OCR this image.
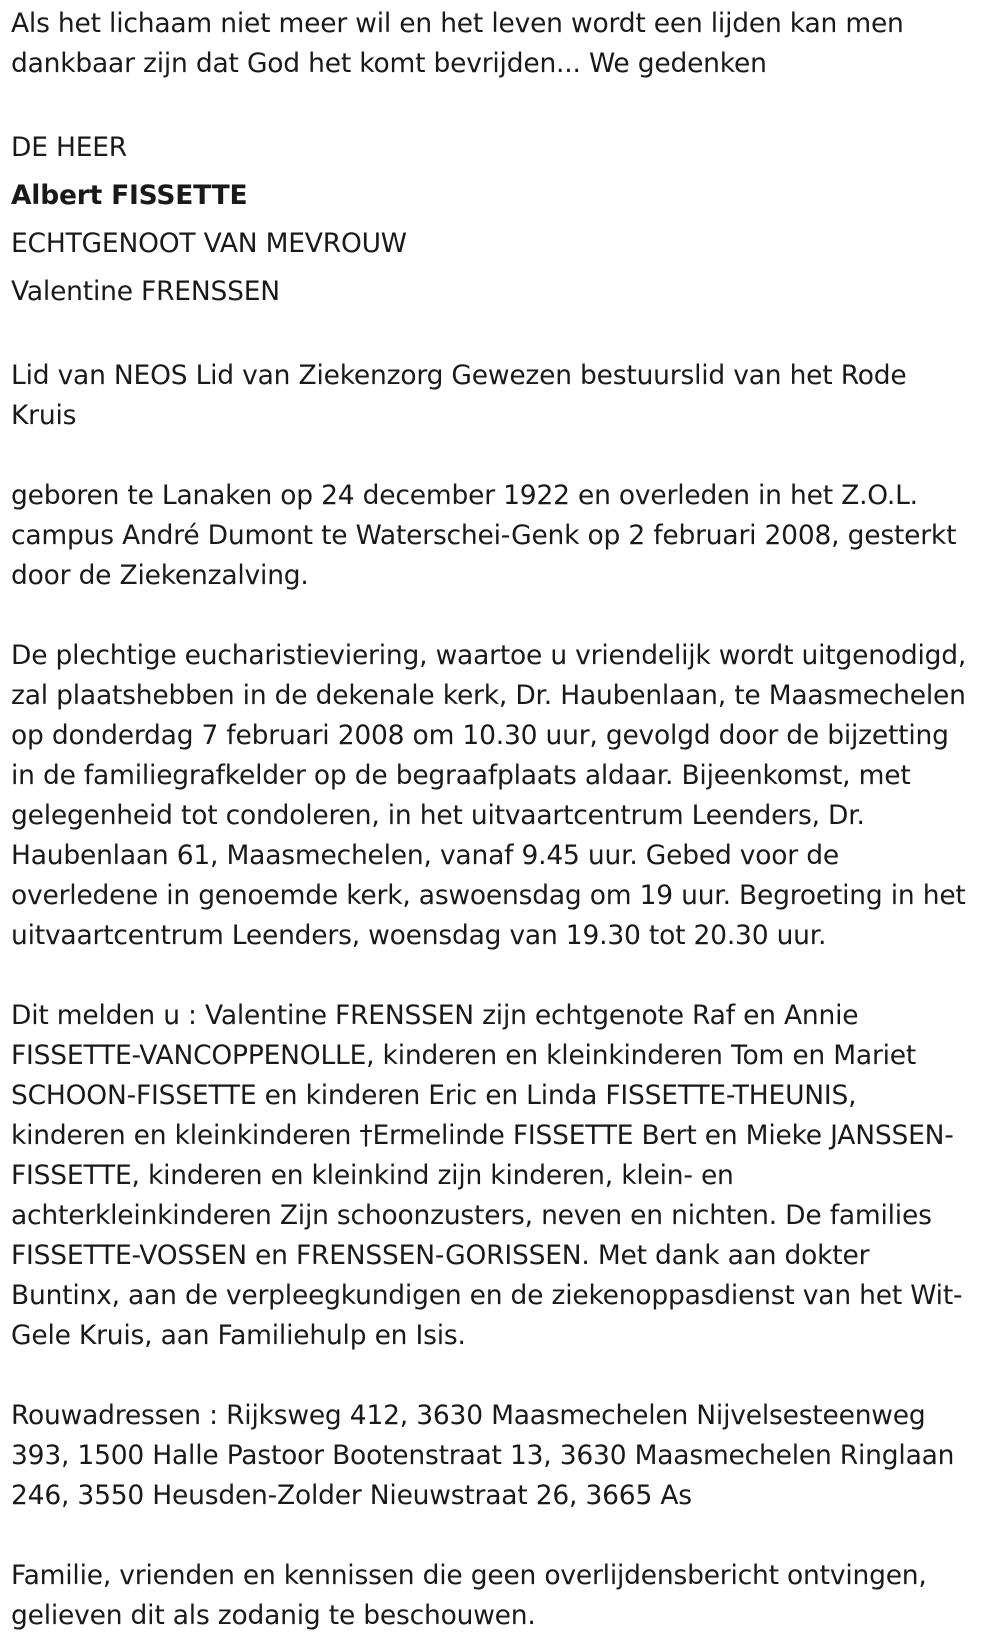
Als het lichaam niet meer wil en het leven wordt een lijden kan men dankbaar zijn dat God het komt bevrijden... We gedenken

DE HEER

Albert FISSETTE

ECHTGENOOT VAN MEVROUW

Valentine FRENSSEN

Lid van NEOS Lid van Ziekenzorg Gewezen bestuurslid van het Rode Kruis

geboren te Lanaken op 24 december 1922 en overleden in het Z.O.L. campus André Dumont te Waterschei-Genk op 2 februari 2008, gesterkt door de Ziekenzalving.

De plechtige eucharistieviering, waartoe u vriendelijk wordt uitgenodigd, zal plaatshebben in de dekenale kerk, Dr. Haubenlaan, te Maasmechelen op donderdag 7 februari 2008 om 10.30 uur, gevolgd door de bijzetting in de familiegrafkelder op de begraafplaats aldaar. Bijeenkomst, met gelegenheid tot condoleren, in het uitvaartcentrum Leenders, Dr. Haubenlaan 61, Maasmechelen, vanaf 9.45 uur. Gebed voor de overledene in genoemde kerk, aswoensdag om 19 uur. Begroeting in het uitvaartcentrum Leenders, woensdag van 19.30 tot 20.30 uur.

Dit melden u : Valentine FRENSSEN zijn echtgenote Raf en Annie FISSETTE-VANCOPPENOLLE, kinderen en kleinkinderen Tom en Mariet SCHOON-FISSETTE en kinderen Eric en Linda FISSETTE-THEUNIS, kinderen en kleinkinderen †Ermelinde FISSETTE Bert en Mieke JANSSEN-FISSETTE, kinderen en kleinkind zijn kinderen, klein- en achterkleinkinderen Zijn schoonzusters, neven en nichten. De families FISSETTE-VOSSEN en FRENSSEN-GORISSEN. Met dank aan dokter Buntinx, aan de verpleegkundigen en de ziekenoppasdienst van het Wit-Gele Kruis, aan Familiehulp en Isis.

Rouwadressen : Rijksweg 412, 3630 Maasmechelen Nijvelsesteenweg 393, 1500 Halle Pastoor Bootenstraat 13, 3630 Maasmechelen Ringlaan 246, 3550 Heusden-Zolder Nieuwstraat 26, 3665 As

Familie, vrienden en kennissen die geen overlijdensbericht ontvingen, gelieven dit als zodanig te beschouwen.
